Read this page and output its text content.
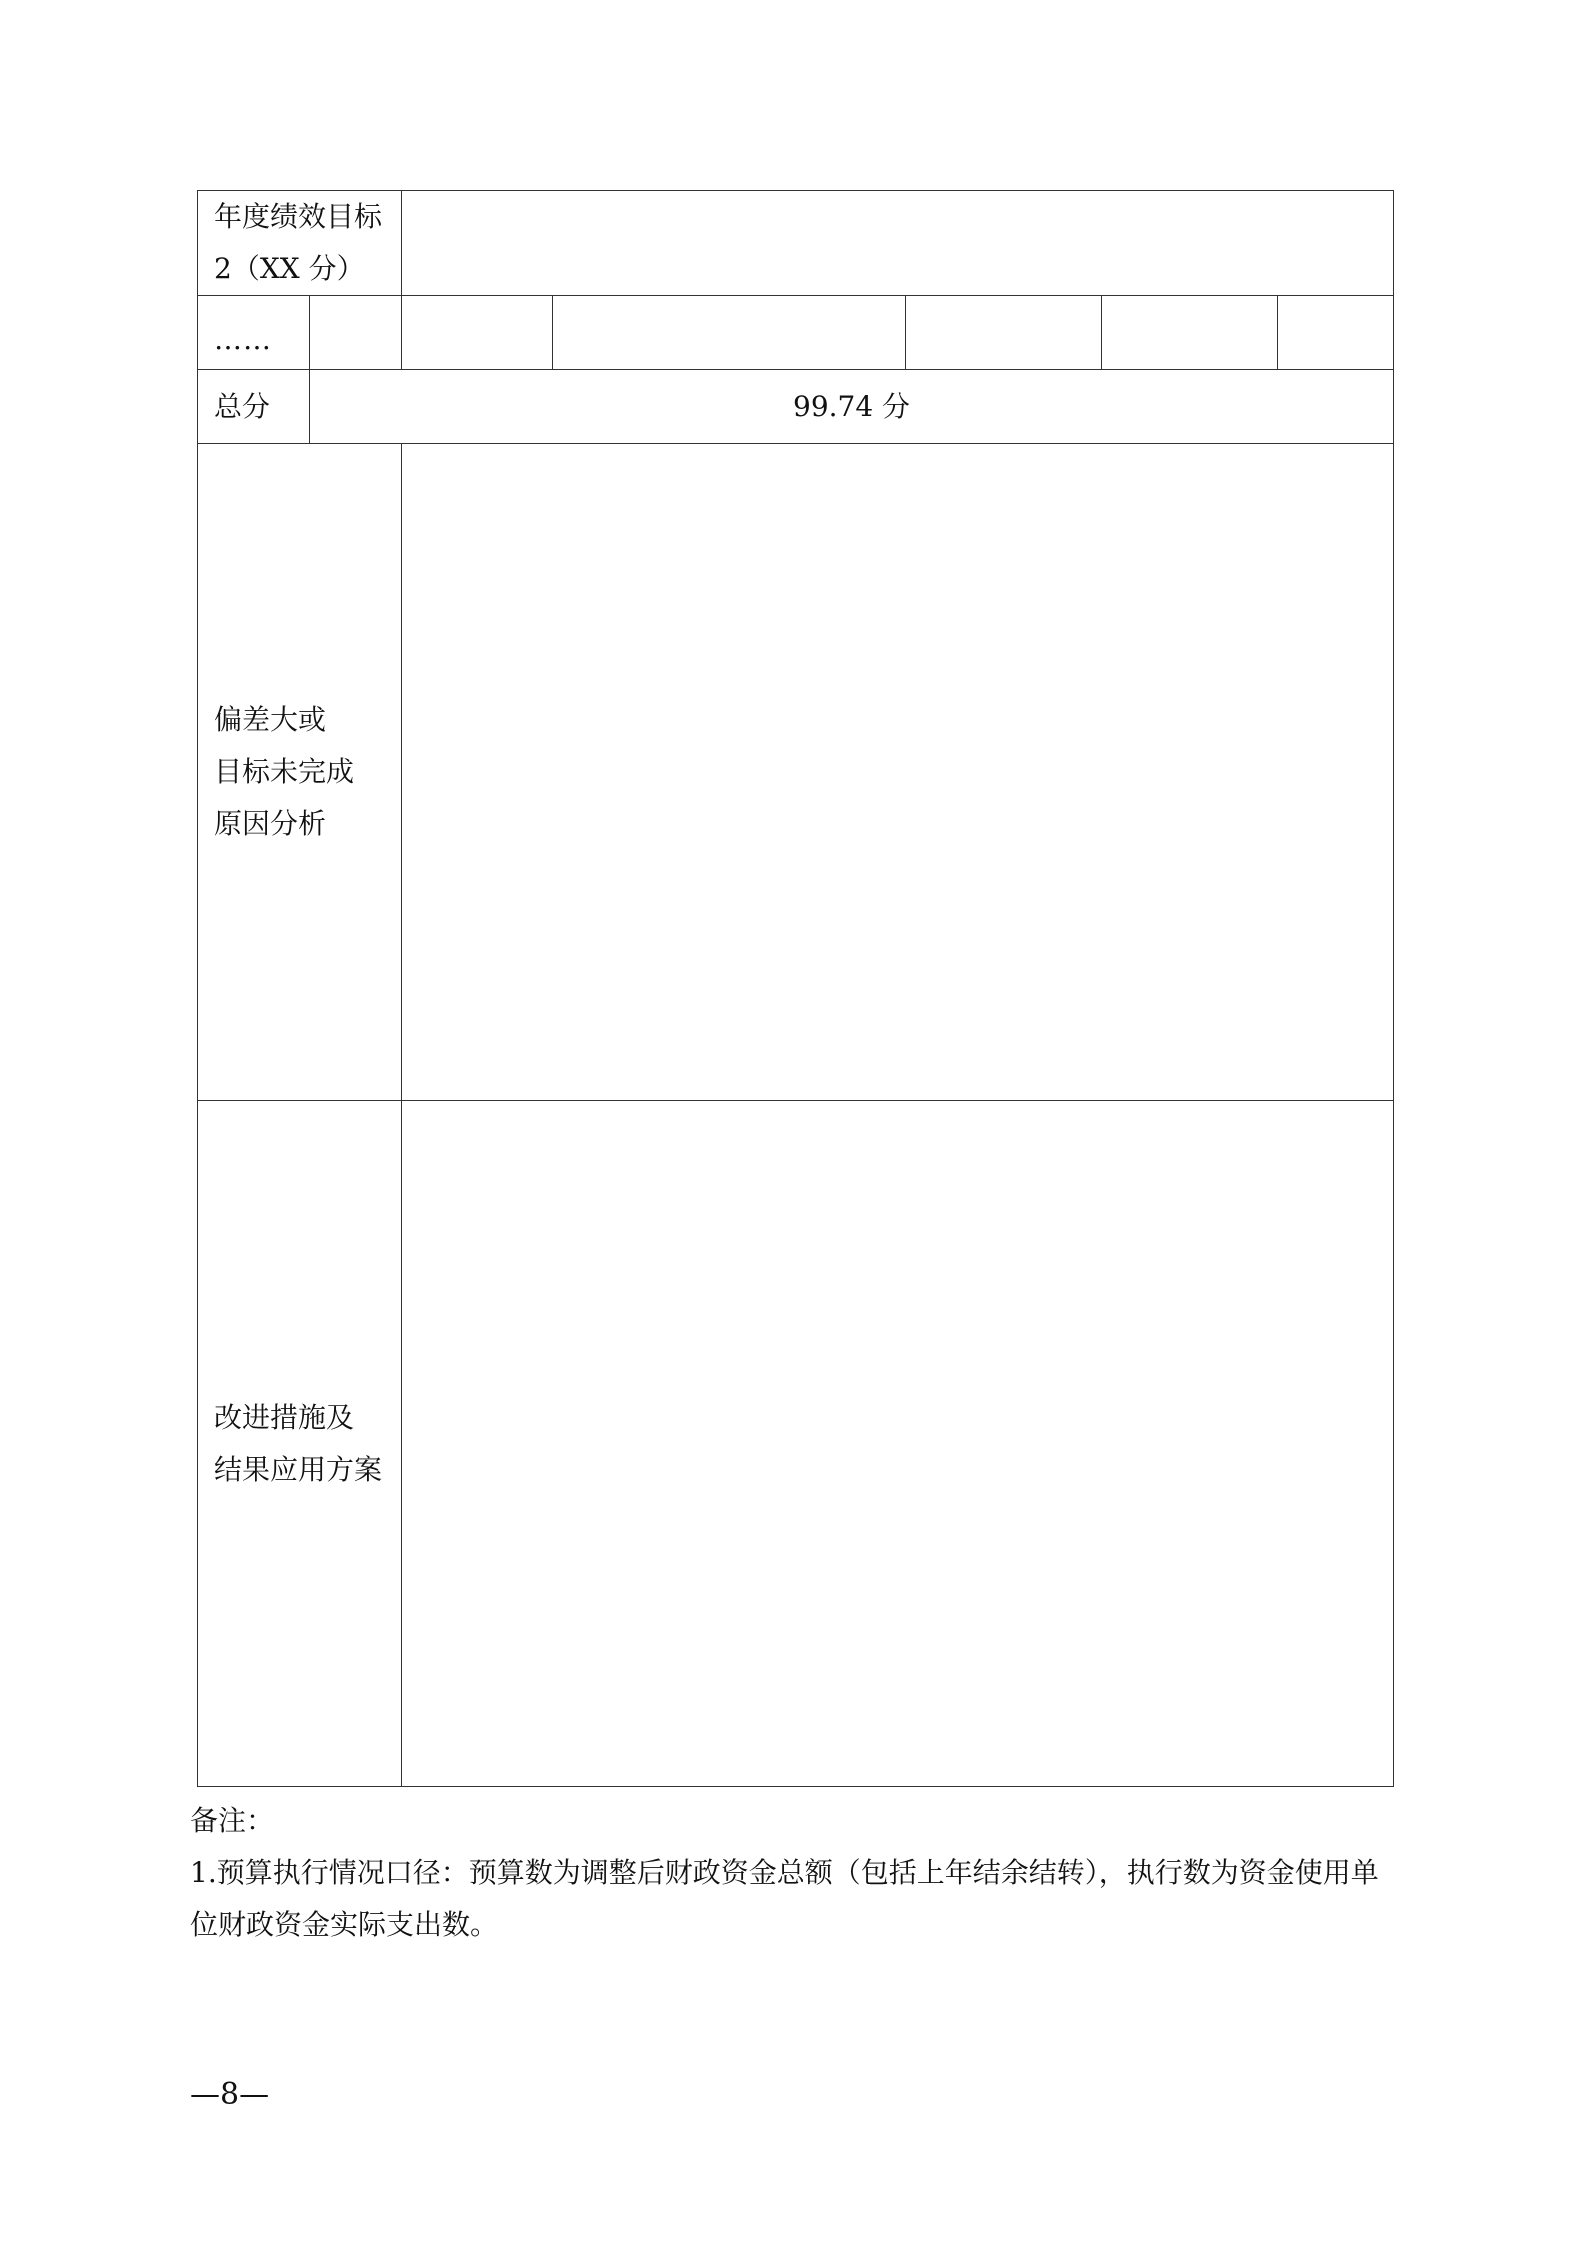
年度绩效目标
2（XX 分）						

……						
总分	99.74 分					

偏差大或
目标未完成
原因分析						

改进措施及
结果应用方案						

备注：

1.预算执行情况口径：预算数为调整后财政资金总额（包括上年结余结转），执行数为资金使用单位财政资金实际支出数。

—8—
